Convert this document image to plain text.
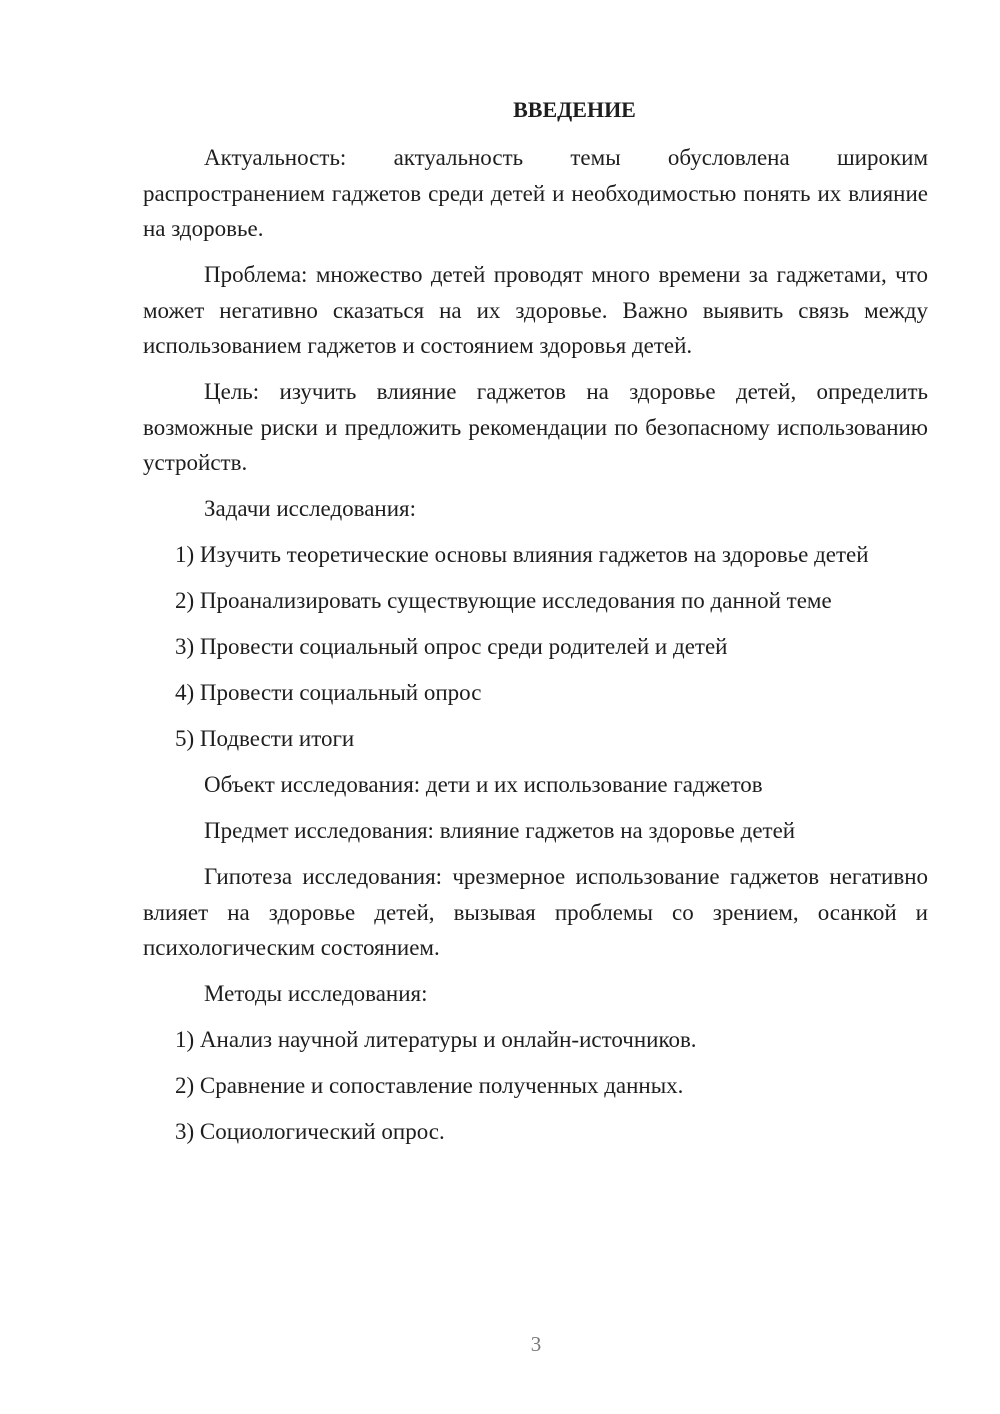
ВВЕДЕНИЕ
Актуальность: актуальность темы обусловлена широким распространением гаджетов среди детей и необходимостью понять их влияние на здоровье.
Проблема: множество детей проводят много времени за гаджетами, что может негативно сказаться на их здоровье. Важно выявить связь между использованием гаджетов и состоянием здоровья детей.
Цель: изучить влияние гаджетов на здоровье детей, определить возможные риски и предложить рекомендации по безопасному использованию устройств.
Задачи исследования:
1) Изучить теоретические основы влияния гаджетов на здоровье детей
2) Проанализировать существующие исследования по данной теме
3) Провести социальный опрос среди родителей и детей
4) Провести социальный опрос
5) Подвести итоги
Объект исследования: дети и их использование гаджетов
Предмет исследования: влияние гаджетов на здоровье детей
Гипотеза исследования: чрезмерное использование гаджетов негативно влияет на здоровье детей, вызывая проблемы со зрением, осанкой и психологическим состоянием.
Методы исследования:
1) Анализ научной литературы и онлайн-источников.
2) Сравнение и сопоставление полученных данных.
3) Социологический опрос.
3
